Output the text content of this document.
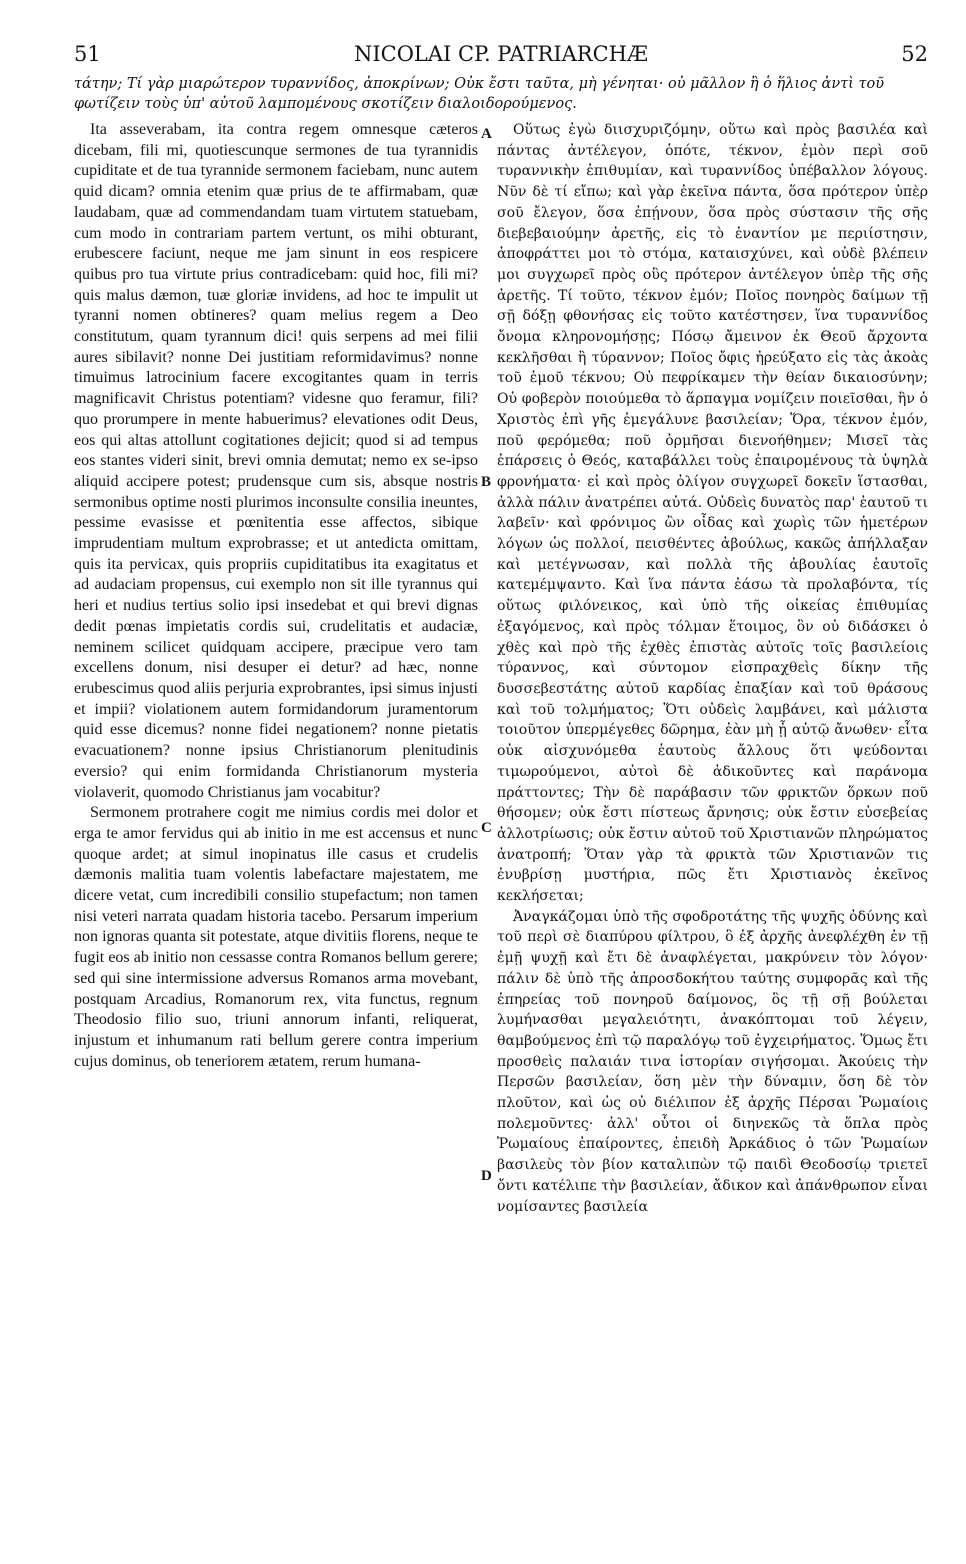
51	NICOLAI CP. PATRIARCHÆ	52
τάτην; Τί γὰρ μιαρώτερον τυραννίδος, ἀποκρίνων; Οὐκ ἔστι ταῦτα, μὴ γένηται· οὐ μᾶλλον ἢ ὁ ἥλιος ἀντὶ τοῦ φωτίζειν τοὺς ὑπ' αὐτοῦ λαμπομένους σκοτίζειν διαλοιδορούμενος.

Ita asseverabam, ita contra regem omnesque cæteros dicebam, fili mi, quotiescunque sermones de tua tyrannidis cupiditate et de tua tyrannide sermonem faciebam, nunc autem quid dicam? omnia etenim quæ prius de te affirmabam, quæ laudabam, quæ ad commendandam tuam virtutem statuebam, cum modo in contrariam partem vertunt, os mihi obturant, erubescere faciunt, neque me jam sinunt in eos respicere quibus pro tua virtute prius contradicebam: quid hoc, fili mi? quis malus dæmon, tuæ gloriæ invidens, ad hoc te impulit ut tyranni nomen obtineres? quam melius regem a Deo constitutum, quam tyrannum dici! quis serpens ad mei filii aures sibilavit? nonne Dei justitiam reformidavimus? nonne timuimus latrocinium facere excogitantes quam in terris magnificavit Christus potentiam? videsne quo feramur, fili? quo prorumpere in mente habuerimus? elevationes odit Deus, eos qui altas attollunt cogitationes dejicit; quod si ad tempus eos stantes videri sinit, brevi omnia demutat; nemo ex se-ipso aliquid accipere potest; prudensque cum sis, absque nostris sermonibus optime nosti plurimos inconsulte consilia ineuntes, pessime evasisse et pœnitentia esse affectos, sibique imprudentiam multum exprobrasse; et ut antedicta omittam, quis ita pervicax, quis propriis cupiditatibus ita exagitatus et ad audaciam propensus, cui exemplo non sit ille tyrannus qui heri et nudius tertius solio ipsi insedebat et qui brevi dignas dedit pœnas impietatis cordis sui, crudelitatis et audaciæ, neminem scilicet quidquam accipere, præcipue vero tam excellens donum, nisi desuper ei detur? ad hæc, nonne erubescimus quod aliis perjuria exprobrantes, ipsi simus injusti et impii? violationem autem formidandorum juramentorum quid esse dicemus? nonne fidei negationem? nonne pietatis evacuationem? nonne ipsius Christianorum plenitudinis eversio? qui enim formidanda Christianorum mysteria violaverit, quomodo Christianus jam vocabitur?

Sermonem protrahere cogit me nimius cordis mei dolor et erga te amor fervidus qui ab initio in me est accensus et nunc quoque ardet; at simul inopinatus ille casus et crudelis dæmonis malitia tuam volentis labefactare majestatem, me dicere vetat, cum incredibili consilio stupefactum; non tamen nisi veteri narrata quadam historia tacebo. Persarum imperium non ignoras quanta sit potestate, atque divitiis florens, neque te fugit eos ab initio non cessasse contra Romanos bellum gerere; sed qui sine intermissione adversus Romanos arma movebant, postquam Arcadius, Romanorum rex, vita functus, regnum Theodosio filio suo, triuni annorum infanti, reliquerat, injustum et inhumanum rati bellum gerere contra imperium cujus dominus, ob teneriorem ætatem, rerum humana-

Οὕτως ἐγὼ διισχυριζόμην, οὕτω καὶ πρὸς βασιλέα καὶ πάντας ἀντέλεγον, ὁπότε, τέκνον, ἐμὸν περὶ σοῦ τυραννικὴν ἐπιθυμίαν, καὶ τυραννίδος ὑπέβαλλον λόγους. Νῦν δὲ τί εἴπω; καὶ γὰρ ἐκεῖνα πάντα, ὅσα πρότερον ὑπὲρ σοῦ ἔλεγον, ὅσα ἐπῄνουν, ὅσα πρὸς σύστασιν τῆς σῆς διεβεβαιούμην ἀρετῆς, εἰς τὸ ἐναντίον με περιίστησιν, ἀποφράττει μοι τὸ στόμα, καταισχύνει, καὶ οὐδὲ βλέπειν μοι συγχωρεῖ πρὸς οὓς πρότερον ἀντέλεγον ὑπὲρ τῆς σῆς ἀρετῆς. Τί τοῦτο, τέκνον ἐμόν; Ποῖος πονηρὸς δαίμων τῇ σῇ δόξῃ φθονήσας εἰς τοῦτο κατέστησεν, ἵνα τυραννίδος ὄνομα κληρονομήσῃς; Πόσῳ ἄμεινον ἐκ Θεοῦ ἄρχοντα κεκλῆσθαι ἢ τύραννον; Ποῖος ὄφις ἠρεύξατο εἰς τὰς ἀκοὰς τοῦ ἐμοῦ τέκνου; Οὐ πεφρίκαμεν τὴν θείαν δικαιοσύνην; Οὐ φοβερὸν ποιούμεθα τὸ ἅρπαγμα νομίζειν ποιεῖσθαι, ἣν ὁ Χριστὸς ἐπὶ γῆς ἐμεγάλυνε βασιλείαν; Ὅρα, τέκνον ἐμόν, ποῦ φερόμεθα; ποῦ ὁρμῆσαι διενοήθημεν; Μισεῖ τὰς ἐπάρσεις ὁ Θεός, καταβάλλει τοὺς ἐπαιρομένους τὰ ὑψηλὰ φρονήματα· εἰ καὶ πρὸς ὀλίγον συγχωρεῖ δοκεῖν ἵστασθαι, ἀλλὰ πάλιν ἀνατρέπει αὐτά. Οὐδεὶς δυνατὸς παρ' ἑαυτοῦ τι λαβεῖν· καὶ φρόνιμος ὢν οἶδας καὶ χωρὶς τῶν ἡμετέρων λόγων ὡς πολλοί, πεισθέντες ἀβούλως, κακῶς ἀπήλλαξαν καὶ μετέγνωσαν, καὶ πολλὰ τῆς ἀβουλίας ἑαυτοῖς κατεμέμψαντο. Καὶ ἵνα πάντα ἐάσω τὰ προλαβόντα, τίς οὕτως φιλόνεικος, καὶ ὑπὸ τῆς οἰκείας ἐπιθυμίας ἐξαγόμενος, καὶ πρὸς τόλμαν ἕτοιμος, ὃν οὐ διδάσκει ὁ χθὲς καὶ πρὸ τῆς ἐχθὲς ἐπιστὰς αὐτοῖς τοῖς βασιλείοις τύραννος, καὶ σύντομον εἰσπραχθεὶς δίκην τῆς δυσσεβεστάτης αὐτοῦ καρδίας ἐπαξίαν καὶ τοῦ θράσους καὶ τοῦ τολμήματος; Ὅτι οὐδεὶς λαμβάνει, καὶ μάλιστα τοιοῦτον ὑπερμέγεθες δῶρημα, ἐὰν μὴ ᾖ αὐτῷ ἄνωθεν· εἶτα οὐκ αἰσχυνόμεθα ἑαυτοὺς ἄλλους ὅτι ψεύδονται τιμωρούμενοι, αὐτοὶ δὲ ἀδικοῦντες καὶ παράνομα πράττοντες; Τὴν δὲ παράβασιν τῶν φρικτῶν ὅρκων ποῦ θήσομεν; οὐκ ἔστι πίστεως ἄρνησις; οὐκ ἔστιν εὐσεβείας ἀλλοτρίωσις; οὐκ ἔστιν αὐτοῦ τοῦ Χριστιανῶν πληρώματος ἀνατροπή; Ὅταν γὰρ τὰ φρικτὰ τῶν Χριστιανῶν τις ἐνυβρίσῃ μυστήρια, πῶς ἔτι Χριστιανὸς ἐκεῖνος κεκλήσεται;

Ἀναγκάζομαι ὑπὸ τῆς σφοδροτάτης τῆς ψυχῆς ὀδύνης καὶ τοῦ περὶ σὲ διαπύρου φίλτρου, ὃ ἐξ ἀρχῆς ἀνεφλέχθη ἐν τῇ ἐμῇ ψυχῇ καὶ ἔτι δὲ ἀναφλέγεται, μακρύνειν τὸν λόγον· πάλιν δὲ ὑπὸ τῆς ἀπροσδοκήτου ταύτης συμφορᾶς καὶ τῆς ἐπηρείας τοῦ πονηροῦ δαίμονος, ὃς τῇ σῇ βούλεται λυμήνασθαι μεγαλειότητι, ἀνακόπτομαι τοῦ λέγειν, θαμβούμενος ἐπὶ τῷ παραλόγῳ τοῦ ἐγχειρήματος. Ὅμως ἔτι προσθεὶς παλαιάν τινα ἱστορίαν σιγήσομαι. Ἀκούεις τὴν Περσῶν βασιλείαν, ὅση μὲν τὴν δύναμιν, ὅση δὲ τὸν πλοῦτον, καὶ ὡς οὐ διέλιπον ἐξ ἀρχῆς Πέρσαι Ῥωμαίοις πολεμοῦντες· ἀλλ' οὗτοι οἱ διηνεκῶς τὰ ὅπλα πρὸς Ῥωμαίους ἐπαίροντες, ἐπειδὴ Ἀρκάδιος ὁ τῶν Ῥωμαίων βασιλεὺς τὸν βίον καταλιπὼν τῷ παιδὶ Θεοδοσίῳ τριετεῖ ὄντι κατέλιπε τὴν βασιλείαν, ἄδικον καὶ ἀπάνθρωπον εἶναι νομίσαντες βασιλεία

A
B
C
D
